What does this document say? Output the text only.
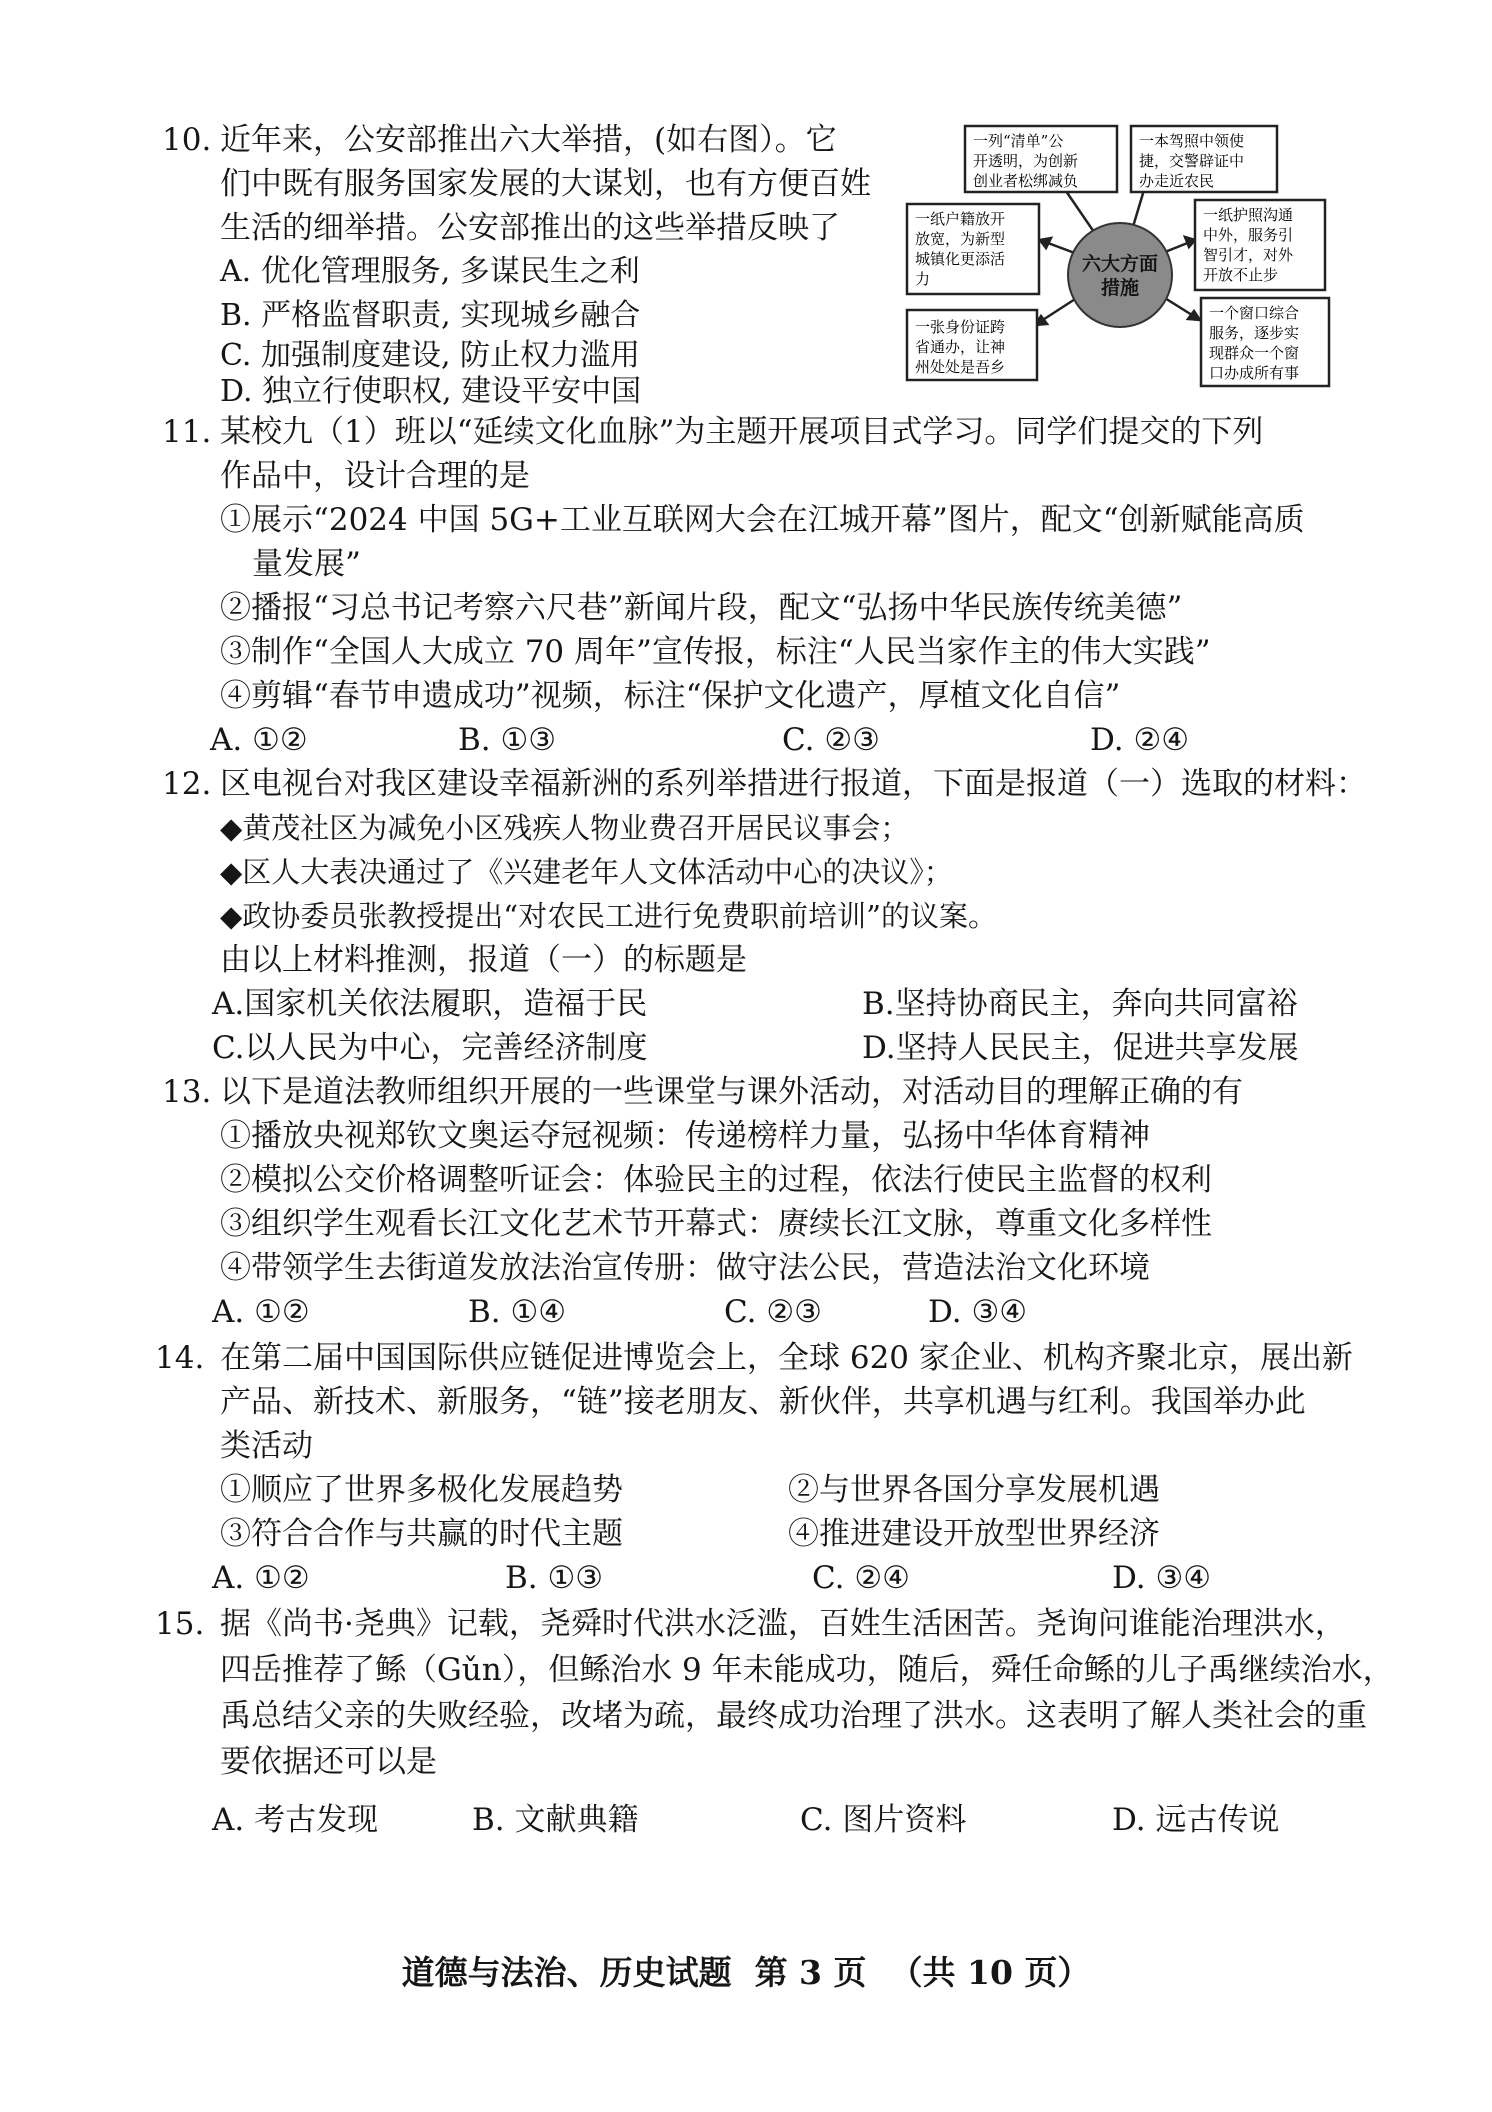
10. 近年来，公安部推出六大举措，(如右图）。它
们中既有服务国家发展的大谋划，也有方便百姓
生活的细举措。公安部推出的这些举措反映了
A. 优化管理服务, 多谋民生之利
B. 严格监督职责, 实现城乡融合
C. 加强制度建设, 防止权力滥用
D. 独立行使职权, 建设平安中国
六大方面
措施
一列“清单”公
开透明，为创新
创业者松绑减负
一本驾照中领使
捷，交警辟证中
办走近农民
一纸户籍放开
放宽，为新型
城镇化更添活
力
一纸护照沟通
中外，服务引
智引才，对外
开放不止步
一张身份证跨
省通办，让神
州处处是吾乡
一个窗口综合
服务，逐步实
现群众一个窗
口办成所有事
11. 某校九（1）班以“延续文化血脉”为主题开展项目式学习。同学们提交的下列
作品中，设计合理的是
①展示“2024 中国 5G+工业互联网大会在江城开幕”图片，配文“创新赋能高质
量发展”
②播报“习总书记考察六尺巷”新闻片段，配文“弘扬中华民族传统美德”
③制作“全国人大成立 70 周年”宣传报，标注“人民当家作主的伟大实践”
④剪辑“春节申遗成功”视频，标注“保护文化遗产，厚植文化自信”
A. ①②	B. ①③	C. ②③	D. ②④
12. 区电视台对我区建设幸福新洲的系列举措进行报道，下面是报道（一）选取的材料：
◆黄茂社区为减免小区残疾人物业费召开居民议事会；
◆区人大表决通过了《兴建老年人文体活动中心的决议》；
◆政协委员张教授提出“对农民工进行免费职前培训”的议案。
由以上材料推测，报道（一）的标题是
A.国家机关依法履职，造福于民	B.坚持协商民主，奔向共同富裕
C.以人民为中心，完善经济制度	D.坚持人民民主，促进共享发展
13. 以下是道法教师组织开展的一些课堂与课外活动，对活动目的理解正确的有
①播放央视郑钦文奥运夺冠视频：传递榜样力量，弘扬中华体育精神
②模拟公交价格调整听证会：体验民主的过程，依法行使民主监督的权利
③组织学生观看长江文化艺术节开幕式：赓续长江文脉，尊重文化多样性
④带领学生去街道发放法治宣传册：做守法公民，营造法治文化环境
A. ①②	B. ①④	C. ②③	D. ③④
14. 在第二届中国国际供应链促进博览会上，全球 620 家企业、机构齐聚北京，展出新
产品、新技术、新服务，“链”接老朋友、新伙伴，共享机遇与红利。我国举办此
类活动
①顺应了世界多极化发展趋势	②与世界各国分享发展机遇
③符合合作与共赢的时代主题	④推进建设开放型世界经济
A. ①②	B. ①③	C. ②④	D. ③④
15. 据《尚书·尧典》记载，尧舜时代洪水泛滥，百姓生活困苦。尧询问谁能治理洪水，
四岳推荐了鲧（Gǔn），但鲧治水 9 年未能成功，随后，舜任命鲧的儿子禹继续治水，
禹总结父亲的失败经验，改堵为疏，最终成功治理了洪水。这表明了解人类社会的重
要依据还可以是
A. 考古发现	B. 文献典籍	C. 图片资料	D. 远古传说
道德与法治、历史试题  第 3 页  （共 10 页）
